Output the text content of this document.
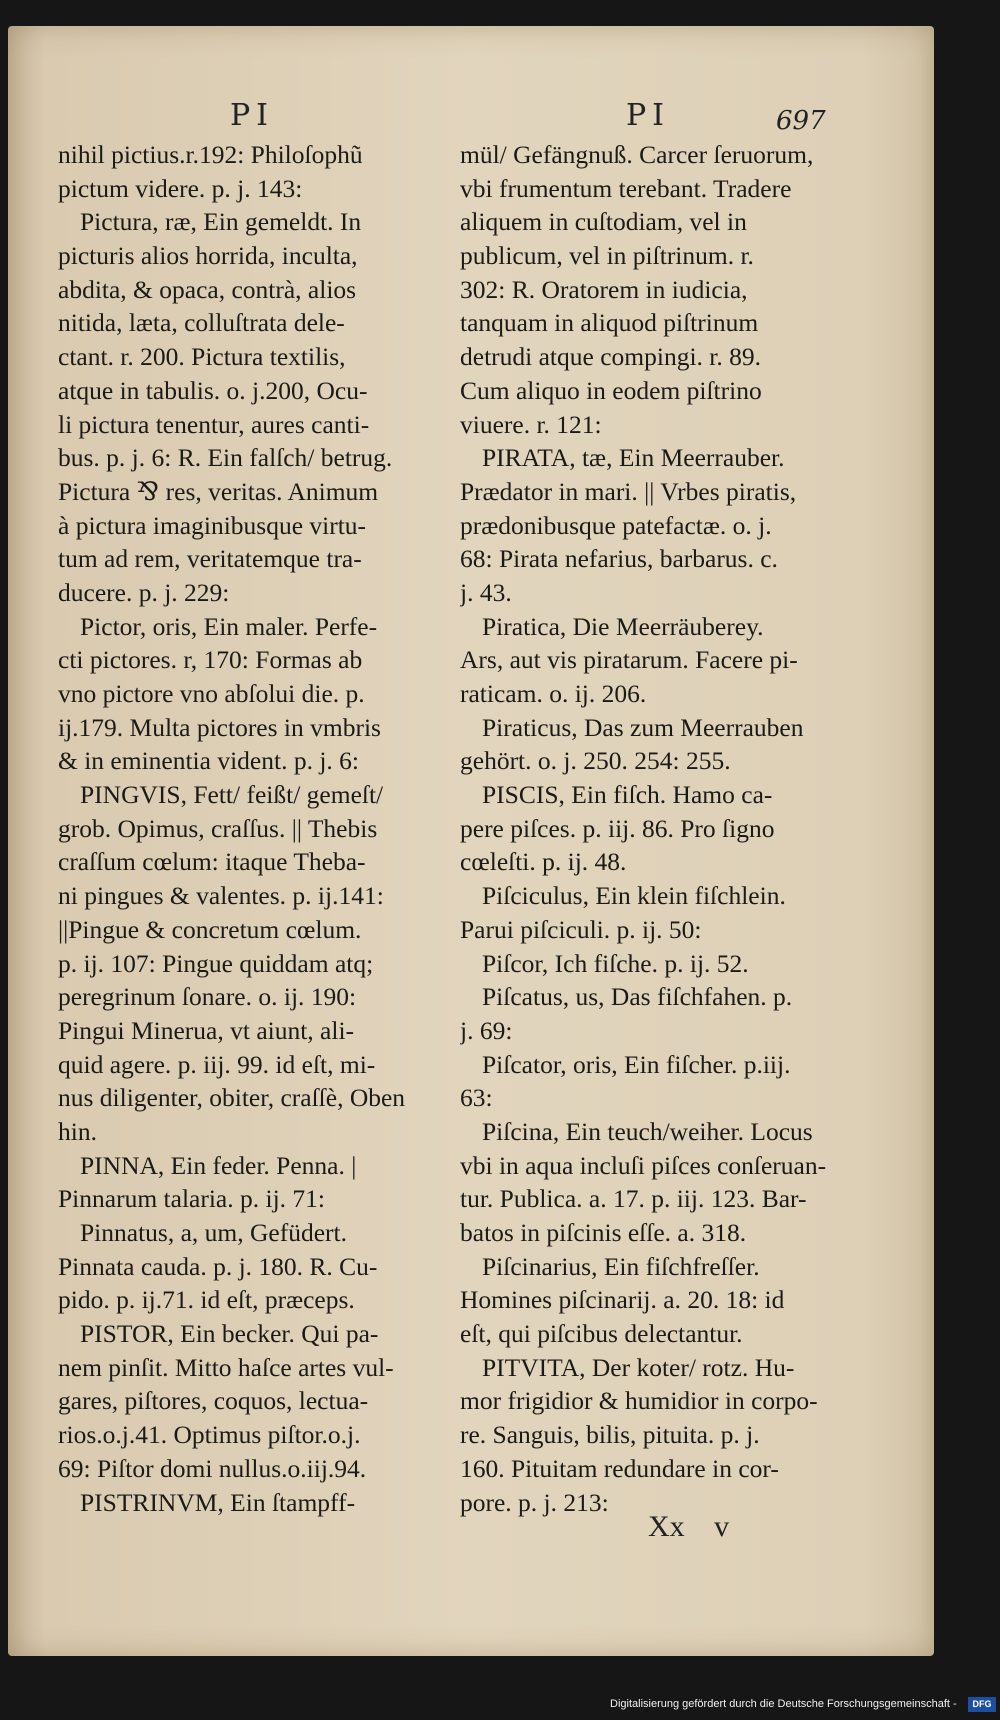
PI	PI	697
nihil pictius.r.192: Philoſophũ
pictum videre. p. j. 143:
Pictura, ræ, Ein gemeldt. In
picturis alios horrida, inculta,
abdita, & opaca, contrà, alios
nitida, læta, colluſtrata dele-
ctant. r. 200. Pictura textilis,
atque in tabulis. o. j.200, Ocu-
li pictura tenentur, aures canti-
bus. p. j. 6: R. Ein falſch/ betrug.
Pictura ⅋ res, veritas. Animum
à pictura imaginibusque virtu-
tum ad rem, veritatemque tra-
ducere. p. j. 229:
Pictor, oris, Ein maler. Perfe-
cti pictores. r, 170: Formas ab
vno pictore vno abſolui die. p.
ij.179. Multa pictores in vmbris
& in eminentia vident. p. j. 6:
PINGVIS, Fett/ feißt/ gemeſt/
grob. Opimus, craſſus. || Thebis
craſſum cœlum: itaque Theba-
ni pingues & valentes. p. ij.141:
||Pingue & concretum cœlum.
p. ij. 107: Pingue quiddam atq;
peregrinum ſonare. o. ij. 190:
Pingui Minerua, vt aiunt, ali-
quid agere. p. iij. 99. id eſt, mi-
nus diligenter, obiter, craſſè, Oben
hin.
PINNA, Ein feder. Penna. |
Pinnarum talaria. p. ij. 71:
Pinnatus, a, um, Gefüdert.
Pinnata cauda. p. j. 180. R. Cu-
pido. p. ij.71. id eſt, præceps.
PISTOR, Ein becker. Qui pa-
nem pinſit. Mitto haſce artes vul-
gares, piſtores, coquos, lectua-
rios.o.j.41. Optimus piſtor.o.j.
69: Piſtor domi nullus.o.iij.94.
PISTRINVM, Ein ſtampff-
mül/ Gefängnuß. Carcer ſeruorum,
vbi frumentum terebant. Tradere
aliquem in cuſtodiam, vel in
publicum, vel in piſtrinum. r.
302: R. Oratorem in iudicia,
tanquam in aliquod piſtrinum
detrudi atque compingi. r. 89.
Cum aliquo in eodem piſtrino
viuere. r. 121:
PIRATA, tæ, Ein Meerrauber.
Prædator in mari. || Vrbes piratis,
prædonibusque patefactæ. o. j.
68: Pirata nefarius, barbarus. c.
j. 43.
Piratica, Die Meerräuberey.
Ars, aut vis piratarum. Facere pi-
raticam. o. ij. 206.
Piraticus, Das zum Meerrauben
gehört. o. j. 250. 254: 255.
PISCIS, Ein fiſch. Hamo ca-
pere piſces. p. iij. 86. Pro ſigno
cœleſti. p. ij. 48.
Piſciculus, Ein klein fiſchlein.
Parui piſciculi. p. ij. 50:
Piſcor, Ich fiſche. p. ij. 52.
Piſcatus, us, Das fiſchfahen. p.
j. 69:
Piſcator, oris, Ein fiſcher. p.iij.
63:
Piſcina, Ein teuch/weiher. Locus
vbi in aqua incluſi piſces conſeruan-
tur. Publica. a. 17. p. iij. 123. Bar-
batos in piſcinis eſſe. a. 318.
Piſcinarius, Ein fiſchfreſſer.
Homines piſcinarij. a. 20. 18: id
eſt, qui piſcibus delectantur.
PITVITA, Der koter/ rotz. Hu-
mor frigidior & humidior in corpo-
re. Sanguis, bilis, pituita. p. j.
160. Pituitam redundare in cor-
pore. p. j. 213:
Xx v
Digitalisierung gefördert durch die Deutsche Forschungsgemeinschaft -	DFG
